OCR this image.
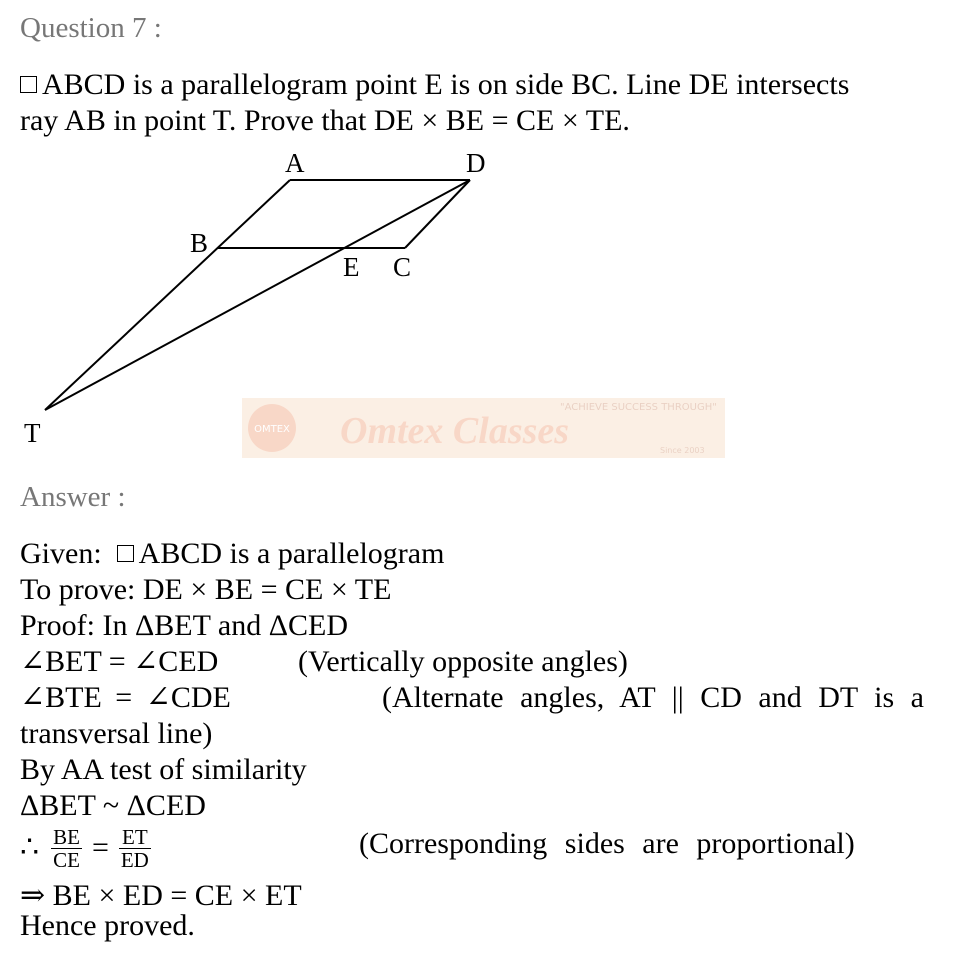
Question 7 :
ABCD is a parallelogram point E is on side BC. Line DE intersects
ray AB in point T. Prove that DE × BE = CE × TE.
A	D
B
E C
T	OMTEX Omtex Classes
"ACHIEVE SUCCESS THROUGH"
Since 2003
Answer :
Given: ABCD is a parallelogram
To prove: DE × BE = CE × TE
Proof: In ΔBET and ΔCED
∠BET = ∠CED	(Vertically opposite angles)
∠BTE = ∠CDE	(Alternate angles, AT || CD and DT is a
transversal line)
By AA test of similarity
ΔBET ~ ΔCED
∴ $\frac{BE}{CE} = \frac{ET}{ED}$	(Corresponding sides are proportional)
⇒ BE × ED = CE × ET
Hence proved.
